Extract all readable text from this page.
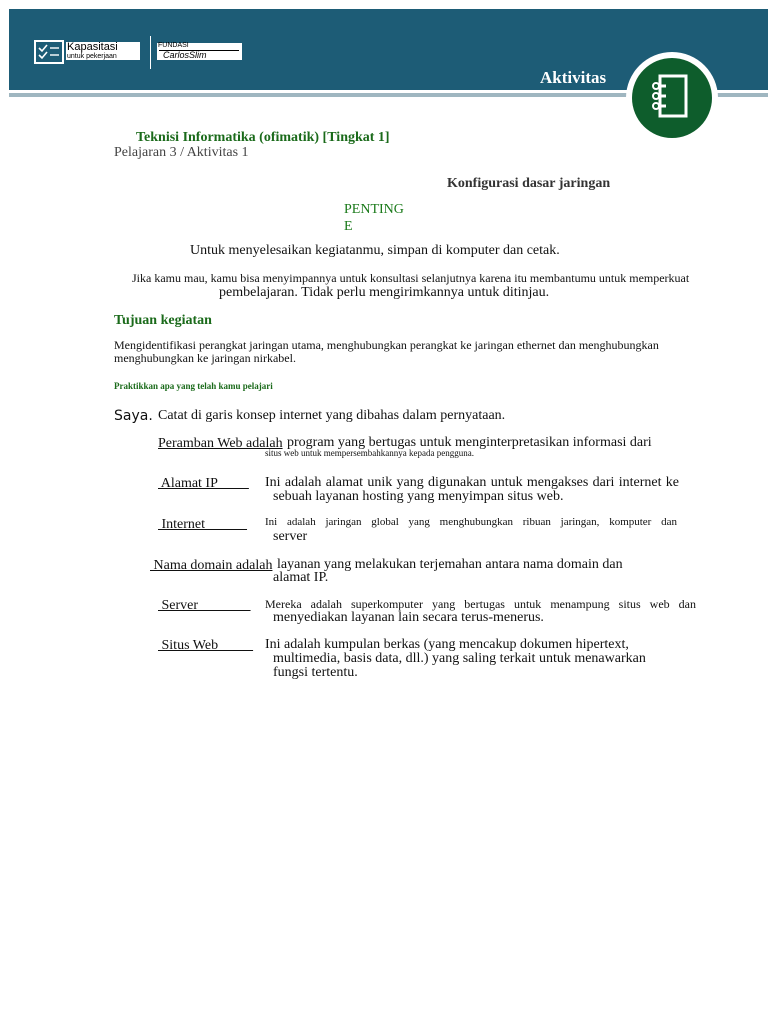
Kapasitasi
untuk pekerjaan
FUNDASI
CarlosSlim
Aktivitas
Teknisi Informatika (ofimatik) [Tingkat 1]
Pelajaran 3 / Aktivitas 1
Konfigurasi dasar jaringan
PENTING
E
Untuk menyelesaikan kegiatanmu, simpan di komputer dan cetak.
Jika kamu mau, kamu bisa menyimpannya untuk konsultasi selanjutnya karena itu membantumu untuk memperkuat
pembelajaran. Tidak perlu mengirimkannya untuk ditinjau.
Tujuan kegiatan
Mengidentifikasi perangkat jaringan utama, menghubungkan perangkat ke jaringan ethernet dan menghubungkan menghubungkan ke jaringan nirkabel.
Praktikkan apa yang telah kamu pelajari
Saya. Catat di garis konsep internet yang dibahas dalam pernyataan.
Peramban Web adalah program yang bertugas untuk menginterpretasikan informasi dari
situs web untuk mempersembahkannya kepada pengguna.
Alamat IP Ini adalah alamat unik yang digunakan untuk mengakses dari internet ke
sebuah layanan hosting yang menyimpan situs web.
Internet Ini adalah jaringan global yang menghubungkan ribuan jaringan, komputer dan
server
Nama domain adalah layanan yang melakukan terjemahan antara nama domain dan
alamat IP.
Server Mereka adalah superkomputer yang bertugas untuk menampung situs web dan
menyediakan layanan lain secara terus-menerus.
Situs Web Ini adalah kumpulan berkas (yang mencakup dokumen hipertext,
multimedia, basis data, dll.) yang saling terkait untuk menawarkan
fungsi tertentu.
